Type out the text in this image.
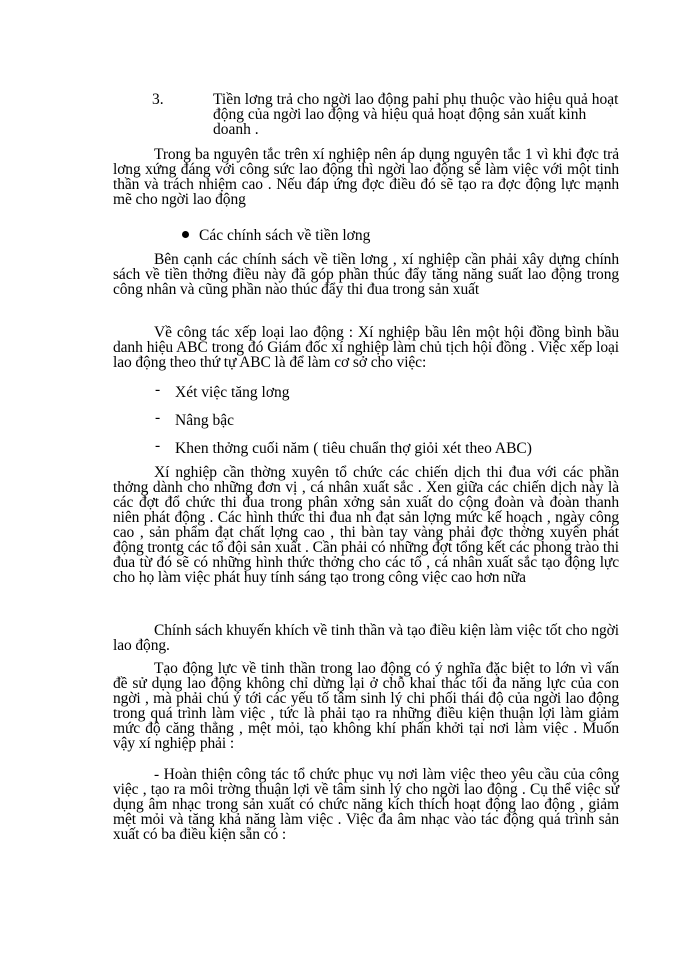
3.	Tiền lơng trả cho ngời lao động pahỉ phụ thuộc vào hiệu quả hoạt động của ngời lao động và hiệu quả hoạt động sản xuất kinh doanh .
Trong ba nguyên tắc trên xí nghiệp nên áp dụng nguyên tắc 1 vì khi đợc trả lơng xứng đáng với công sức lao động thì ngời lao động sẽ làm việc với một tinh thần và trách nhiệm cao . Nếu đáp ứng đợc điều đó sẽ tạo ra đợc động lực mạnh mẽ cho ngời lao động
Các chính sách về tiền lơng
Bên cạnh các chính sách về tiền lơng , xí nghiệp cần phải xây dựng chính sách về tiền thởng điều này đã góp phần thúc đẩy tăng năng suất lao động trong công nhân và cũng phần nào thúc đẩy thi đua trong sản xuất
Về công tác xếp loại lao động : Xí nghiệp bầu lên một hội đồng bình bầu danh hiệu ABC trong đó Giám đốc xí nghiệp làm chủ tịch hội đồng . Việc xếp loại lao động theo thứ tự ABC là để làm cơ sở cho việc:
- Xét việc tăng lơng
- Nâng bậc
- Khen thởng cuối năm ( tiêu chuẩn thợ giỏi xét theo ABC)
Xí nghiệp cần thờng xuyên tổ chức các chiến dịch thi đua với các phần thởng dành cho những đơn vị , cá nhân xuất sắc . Xen giữa các chiến dịch này là các đợt đổ chức thi đua trong phân xởng sản xuất do cộng đoàn và đoàn thanh niên phát động . Các hình thức thi đua nh đạt sản lợng mức kế hoạch , ngày công cao , sản phẩm đạt chất lợng cao , thi bàn tay vàng phải đợc thờng xuyên phát động trontg các tổ đội sản xuất . Cần phải có những đợt tổng kết các phong trào thi đua từ đó sẽ có những hình thức thởng cho các tổ , cá nhân xuất sắc tạo động lực cho họ làm việc phát huy tính sáng tạo trong công việc cao hơn nữa
Chính sách khuyến khích về tinh thần và tạo điều kiện làm việc tốt cho ngời lao động.
Tạo động lực về tinh thần trong lao động có ý nghĩa đặc biệt to lớn vì vấn đề sử dụng lao động không chỉ dừng lại ở chỗ khai thác tối đa năng lực của con ngời , mà phải chú ý tới các yếu tố tâm sinh lý chi phối thái độ của ngời lao động trong quá trình làm việc , tức là phải tạo ra những điều kiện thuận lợi làm giảm mức độ căng thẳng , mệt mỏi, tạo không khí phấn khởi tại nơi làm việc . Muốn vậy xí nghiệp phải :
- Hoàn thiện công tác tổ chức phục vụ nơi làm việc theo yêu cầu của công việc , tạo ra môi trờng thuận lợi về tâm sinh lý cho ngời lao động . Cụ thể việc sử dụng âm nhạc trong sản xuất có chức năng kích thích hoạt động lao động , giảm mệt mỏi và tăng khả năng làm việc . Việc đa âm nhạc vào tác động quá trình sản xuất có ba điều kiện sẵn có :
